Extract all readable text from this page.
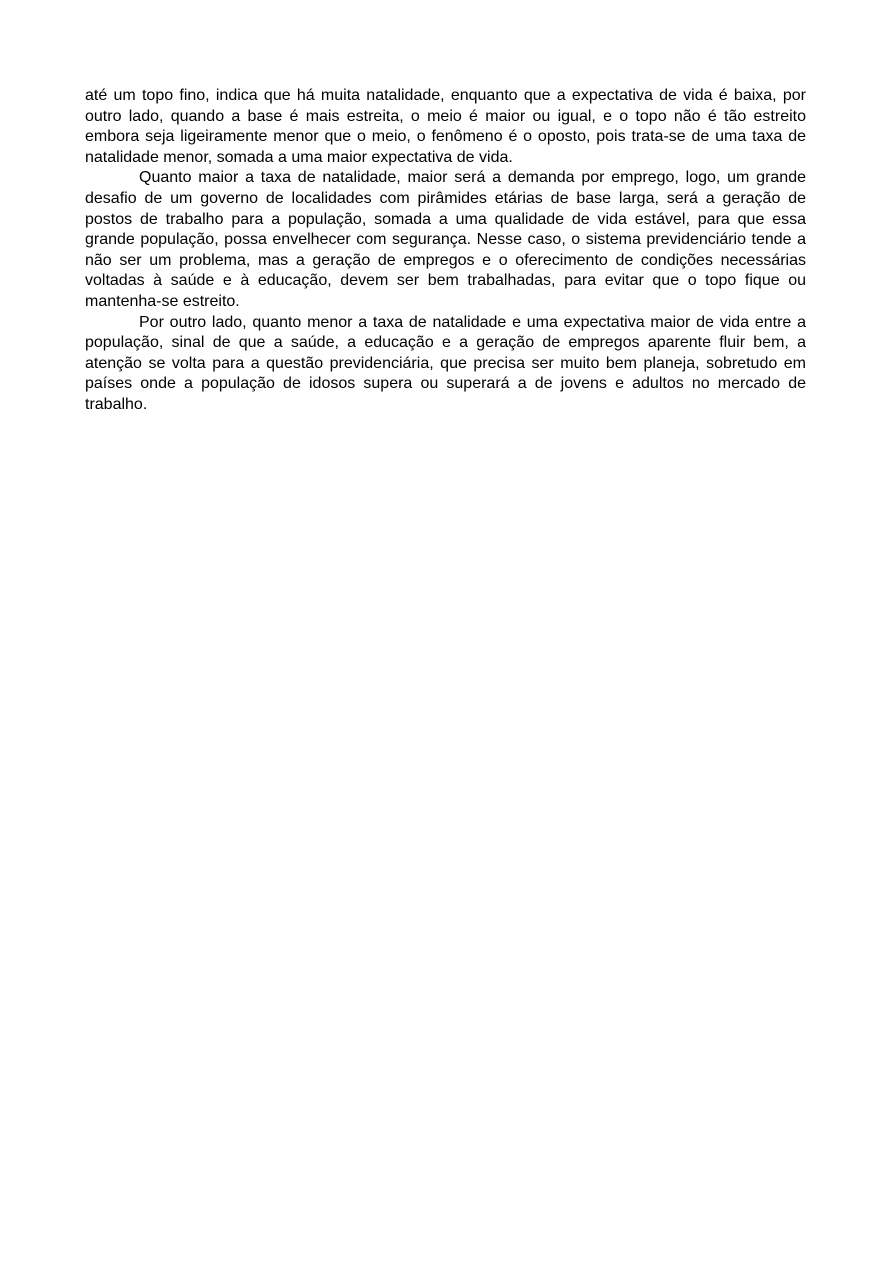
até um topo fino, indica que há muita natalidade, enquanto que a expectativa de vida é baixa, por outro lado, quando a base é mais estreita, o meio é maior ou igual, e o topo não é tão estreito embora seja ligeiramente menor que o meio, o fenômeno é o oposto, pois trata-se de uma taxa de natalidade menor, somada a uma maior expectativa de vida.

Quanto maior a taxa de natalidade, maior será a demanda por emprego, logo, um grande desafio de um governo de localidades com pirâmides etárias de base larga, será a geração de postos de trabalho para a população, somada a uma qualidade de vida estável, para que essa grande população, possa envelhecer com segurança. Nesse caso, o sistema previdenciário tende a não ser um problema, mas a geração de empregos e o oferecimento de condições necessárias voltadas à saúde e à educação, devem ser bem trabalhadas, para evitar que o topo fique ou mantenha-se estreito.

Por outro lado, quanto menor a taxa de natalidade e uma expectativa maior de vida entre a população, sinal de que a saúde, a educação e a geração de empregos aparente fluir bem, a atenção se volta para a questão previdenciária, que precisa ser muito bem planeja, sobretudo em países onde a população de idosos supera ou superará a de jovens e adultos no mercado de trabalho.
